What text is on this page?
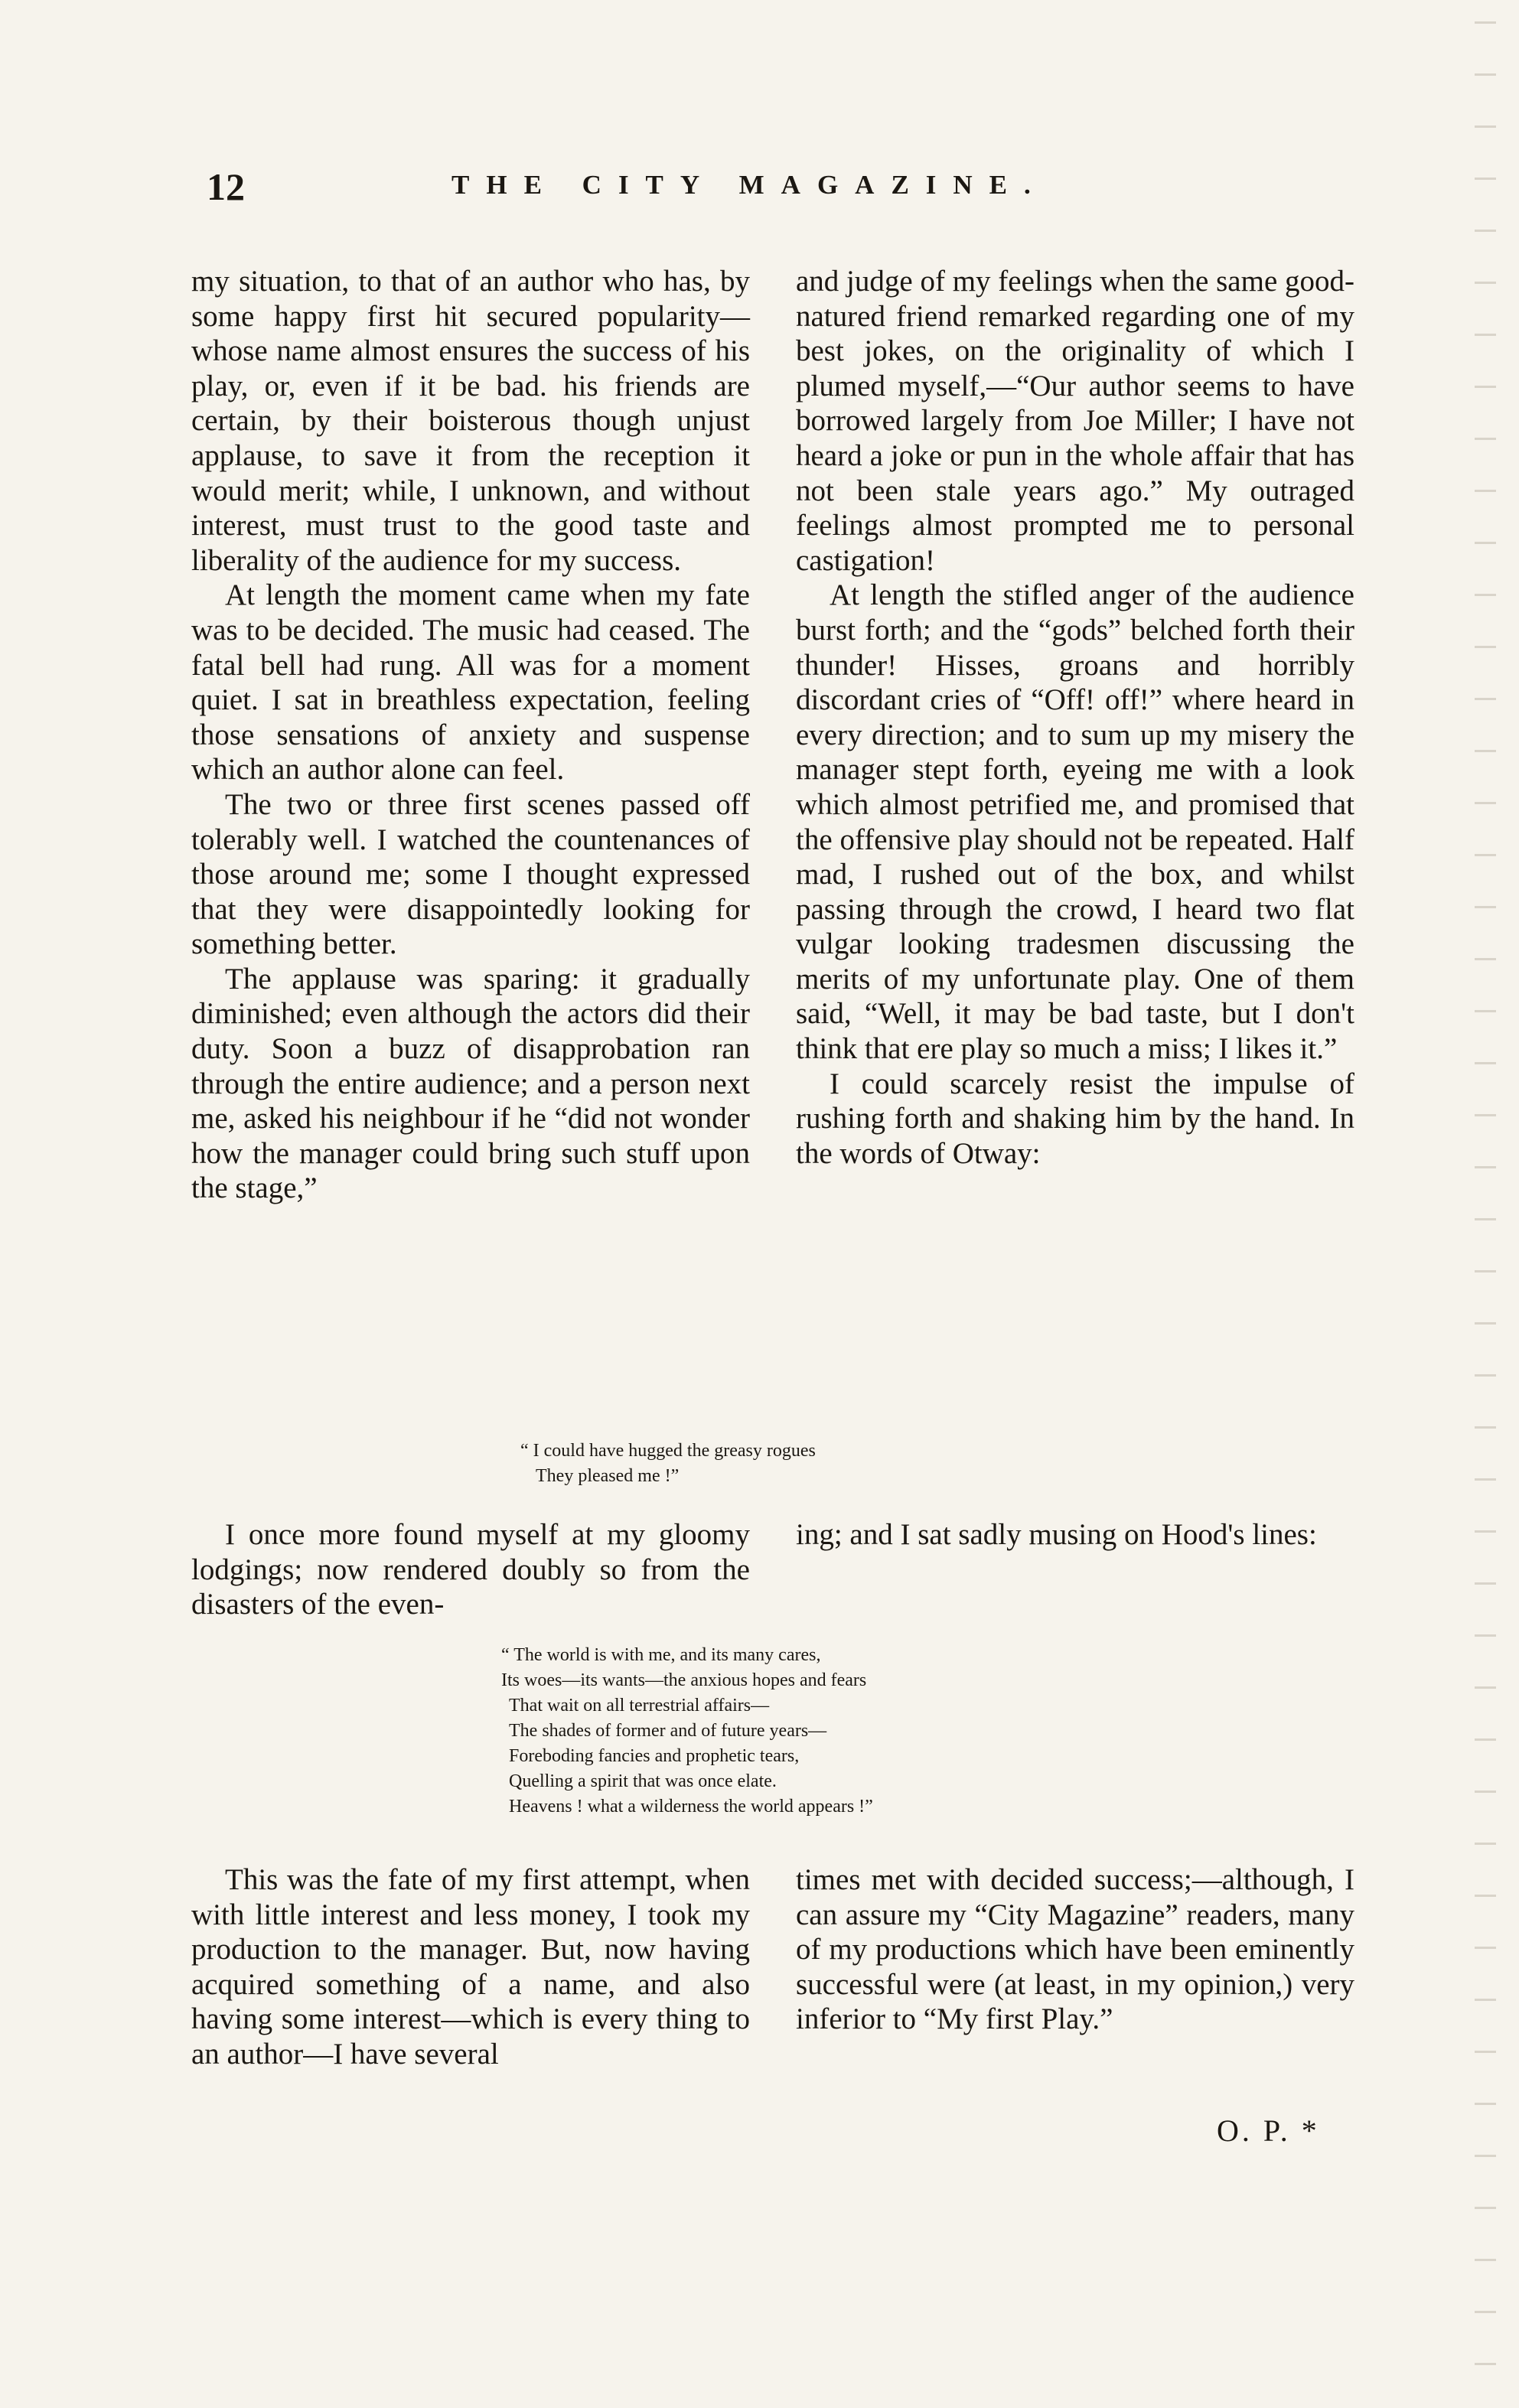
12	THE CITY MAGAZINE.

my situation, to that of an author who has, by some happy first hit secured popularity—whose name almost ensures the success of his play, or, even if it be bad. his friends are certain, by their boisterous though unjust applause, to save it from the reception it would merit; while, I unknown, and without interest, must trust to the good taste and liberality of the audience for my success.

At length the moment came when my fate was to be decided. The music had ceased. The fatal bell had rung. All was for a moment quiet. I sat in breathless expectation, feeling those sensations of anxiety and suspense which an author alone can feel.

The two or three first scenes passed off tolerably well. I watched the countenances of those around me; some I thought expressed that they were disappointedly looking for something better.

The applause was sparing: it gradually diminished; even although the actors did their duty. Soon a buzz of disapprobation ran through the entire audience; and a person next me, asked his neighbour if he “did not wonder how the manager could bring such stuff upon the stage,”

and judge of my feelings when the same good-natured friend remarked regarding one of my best jokes, on the originality of which I plumed myself,—“Our author seems to have borrowed largely from Joe Miller; I have not heard a joke or pun in the whole affair that has not been stale years ago.” My outraged feelings almost prompted me to personal castigation!

At length the stifled anger of the audience burst forth; and the “gods” belched forth their thunder! Hisses, groans and horribly discordant cries of “Off! off!” where heard in every direction; and to sum up my misery the manager stept forth, eyeing me with a look which almost petrified me, and promised that the offensive play should not be repeated. Half mad, I rushed out of the box, and whilst passing through the crowd, I heard two flat vulgar looking tradesmen discussing the merits of my unfortunate play. One of them said, “Well, it may be bad taste, but I don't think that ere play so much a miss; I likes it.”

I could scarcely resist the impulse of rushing forth and shaking him by the hand. In the words of Otway:

“ I could have hugged the greasy rogues
They pleased me !”

I once more found myself at my gloomy lodgings; now rendered doubly so from the disasters of the even-

ing; and I sat sadly musing on Hood's lines:

“ The world is with me, and its many cares,
Its woes—its wants—the anxious hopes and fears
That wait on all terrestrial affairs—
The shades of former and of future years—
Foreboding fancies and prophetic tears,
Quelling a spirit that was once elate.
Heavens ! what a wilderness the world appears !”

This was the fate of my first attempt, when with little interest and less money, I took my production to the manager. But, now having acquired something of a name, and also having some interest—which is every thing to an author—I have several

times met with decided success;—although, I can assure my “City Magazine” readers, many of my productions which have been eminently successful were (at least, in my opinion,) very inferior to “My first Play.”

O. P. *
